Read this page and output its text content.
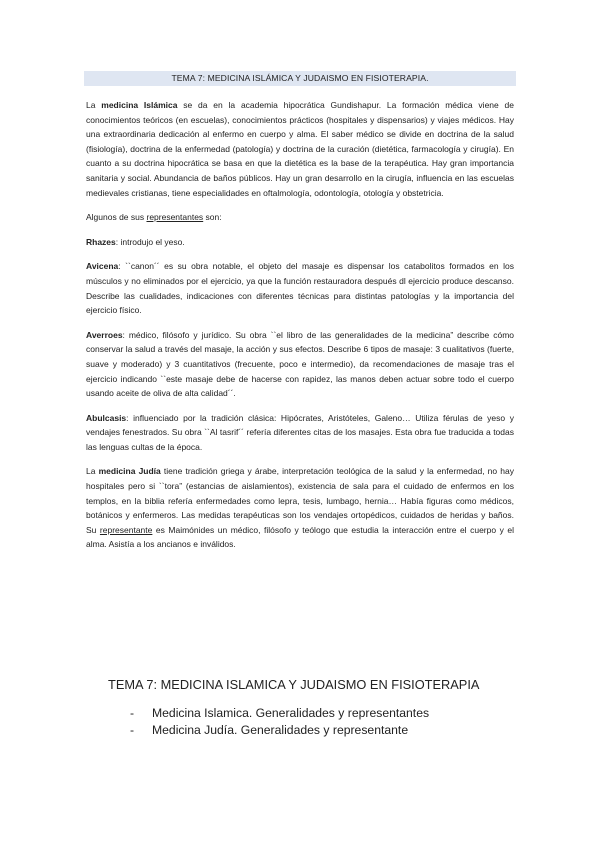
TEMA 7: MEDICINA ISLÁMICA Y JUDAISMO EN FISIOTERAPIA.

La medicina Islámica se da en la academia hipocrática Gundishapur. La formación médica viene de conocimientos teóricos (en escuelas), conocimientos prácticos (hospitales y dispensarios) y viajes médicos. Hay una extraordinaria dedicación al enfermo en cuerpo y alma. El saber médico se divide en doctrina de la salud (fisiología), doctrina de la enfermedad (patología) y doctrina de la curación (dietética, farmacología y cirugía). En cuanto a su doctrina hipocrática se basa en que la dietética es la base de la terapéutica. Hay gran importancia sanitaria y social. Abundancia de baños públicos. Hay un gran desarrollo en la cirugía, influencia en las escuelas medievales cristianas, tiene especialidades en oftalmología, odontología, otología y obstetricia.

Algunos de sus representantes son:

Rhazes: introdujo el yeso.

Avicena: ``canon´´ es su obra notable, el objeto del masaje es dispensar los catabolitos formados en los músculos y no eliminados por el ejercicio, ya que la función restauradora después dl ejercicio produce descanso. Describe las cualidades, indicaciones con diferentes técnicas para distintas patologías y la importancia del ejercicio físico.

Averroes: médico, filósofo y jurídico. Su obra ``el libro de las generalidades de la medicina” describe cómo conservar la salud a través del masaje, la acción y sus efectos. Describe 6 tipos de masaje: 3 cualitativos (fuerte, suave y moderado) y 3 cuantitativos (frecuente, poco e intermedio), da recomendaciones de masaje tras el ejercicio indicando ``este masaje debe de hacerse con rapidez, las manos deben actuar sobre todo el cuerpo usando aceite de oliva de alta calidad´´.

Abulcasis: influenciado por la tradición clásica: Hipócrates, Aristóteles, Galeno… Utiliza férulas de yeso y vendajes fenestrados. Su obra ``Al tasrif´´ refería diferentes citas de los masajes. Esta obra fue traducida a todas las lenguas cultas de la época.

La medicina Judía tiene tradición griega y árabe, interpretación teológica de la salud y la enfermedad, no hay hospitales pero si ``tora” (estancias de aislamientos), existencia de sala para el cuidado de enfermos en los templos, en la biblia refería enfermedades como lepra, tesis, lumbago, hernia… Había figuras como médicos, botánicos y enfermeros. Las medidas terapéuticas son los vendajes ortopédicos, cuidados de heridas y baños. Su representante es Maimónides un médico, filósofo y teólogo que estudia la interacción entre el cuerpo y el alma. Asistía a los ancianos e inválidos.

TEMA 7: MEDICINA ISLAMICA Y JUDAISMO EN FISIOTERAPIA
- Medicina Islamica. Generalidades y representantes
- Medicina Judía. Generalidades y representante
